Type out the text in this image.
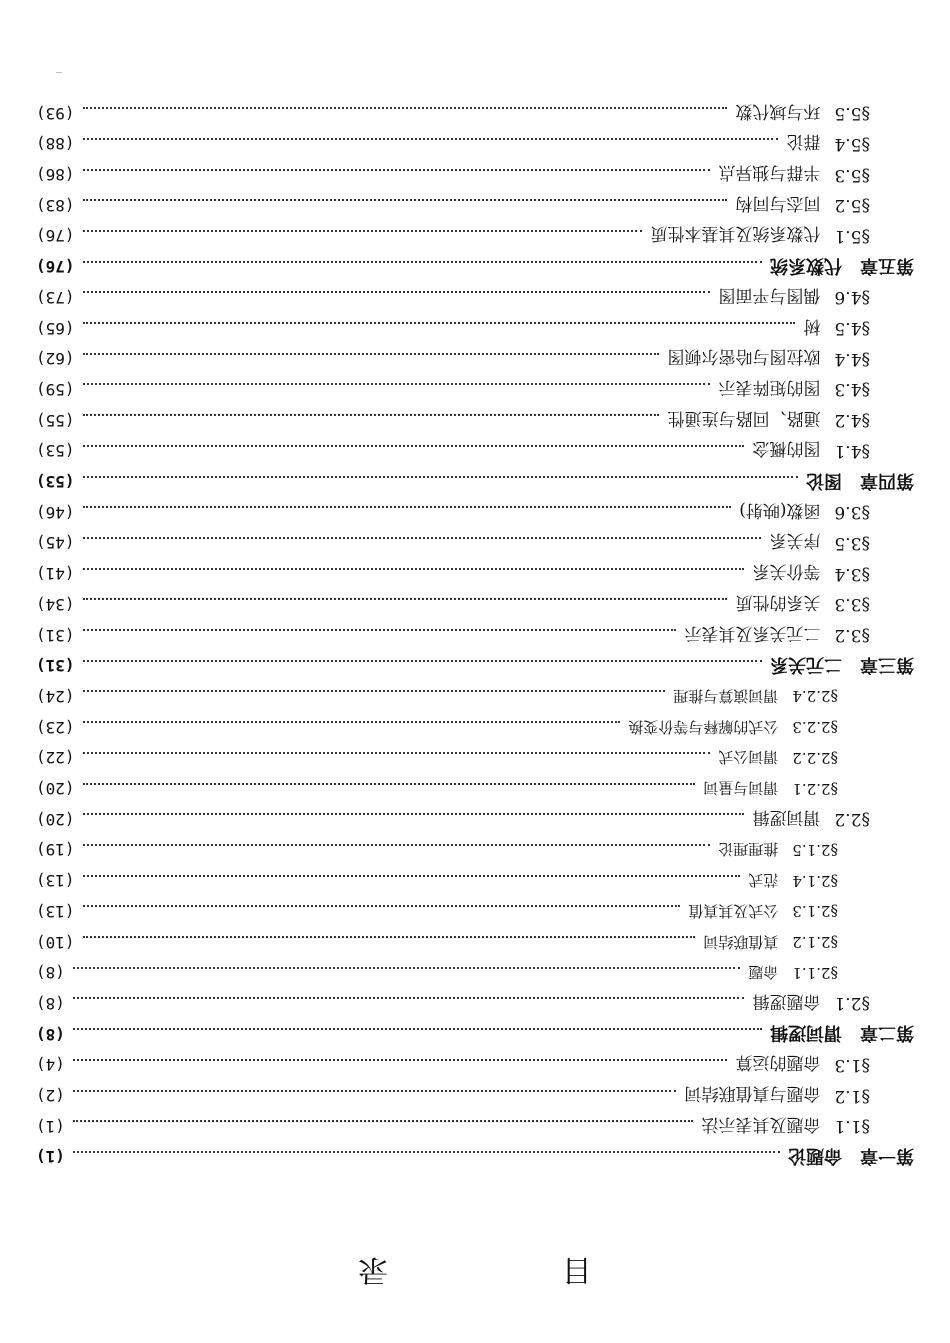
目　录
第一章
命题论
(1)
§1.1
命题及其表示法
(1)
§1.2
命题与真值联结词
(2)
§1.3
命题的运算
(4)
第二章
谓词逻辑
(8)
§2.1
命题逻辑
(8)
§2.1.1
命题
(8)
§2.1.2
真值联结词
(10)
§2.1.3
公式及其真值
(13)
§2.1.4
范式
(13)
§2.1.5
推理理论
(19)
§2.2
谓词逻辑
(20)
§2.2.1
谓词与量词
(20)
§2.2.2
谓词公式
(22)
§2.2.3
公式的解释与等价变换
(23)
§2.2.4
谓词演算与推理
(24)
第三章
二元关系
(31)
§3.2
二元关系及其表示
(31)
§3.3
关系的性质
(34)
§3.4
等价关系
(41)
§3.5
序关系
(45)
§3.6
函数(映射)
(46)
第四章
图论
(53)
§4.1
图的概念
(53)
§4.2
通路、回路与连通性
(55)
§4.3
图的矩阵表示
(59)
§4.4
欧拉图与哈密尔顿图
(62)
§4.5
树
(65)
§4.6
偶图与平面图
(73)
第五章
代数系统
(76)
§5.1
代数系统及其基本性质
(76)
§5.2
同态与同构
(83)
§5.3
半群与独异点
(86)
§5.4
群论
(88)
§5.5
环与域代数
(93)
